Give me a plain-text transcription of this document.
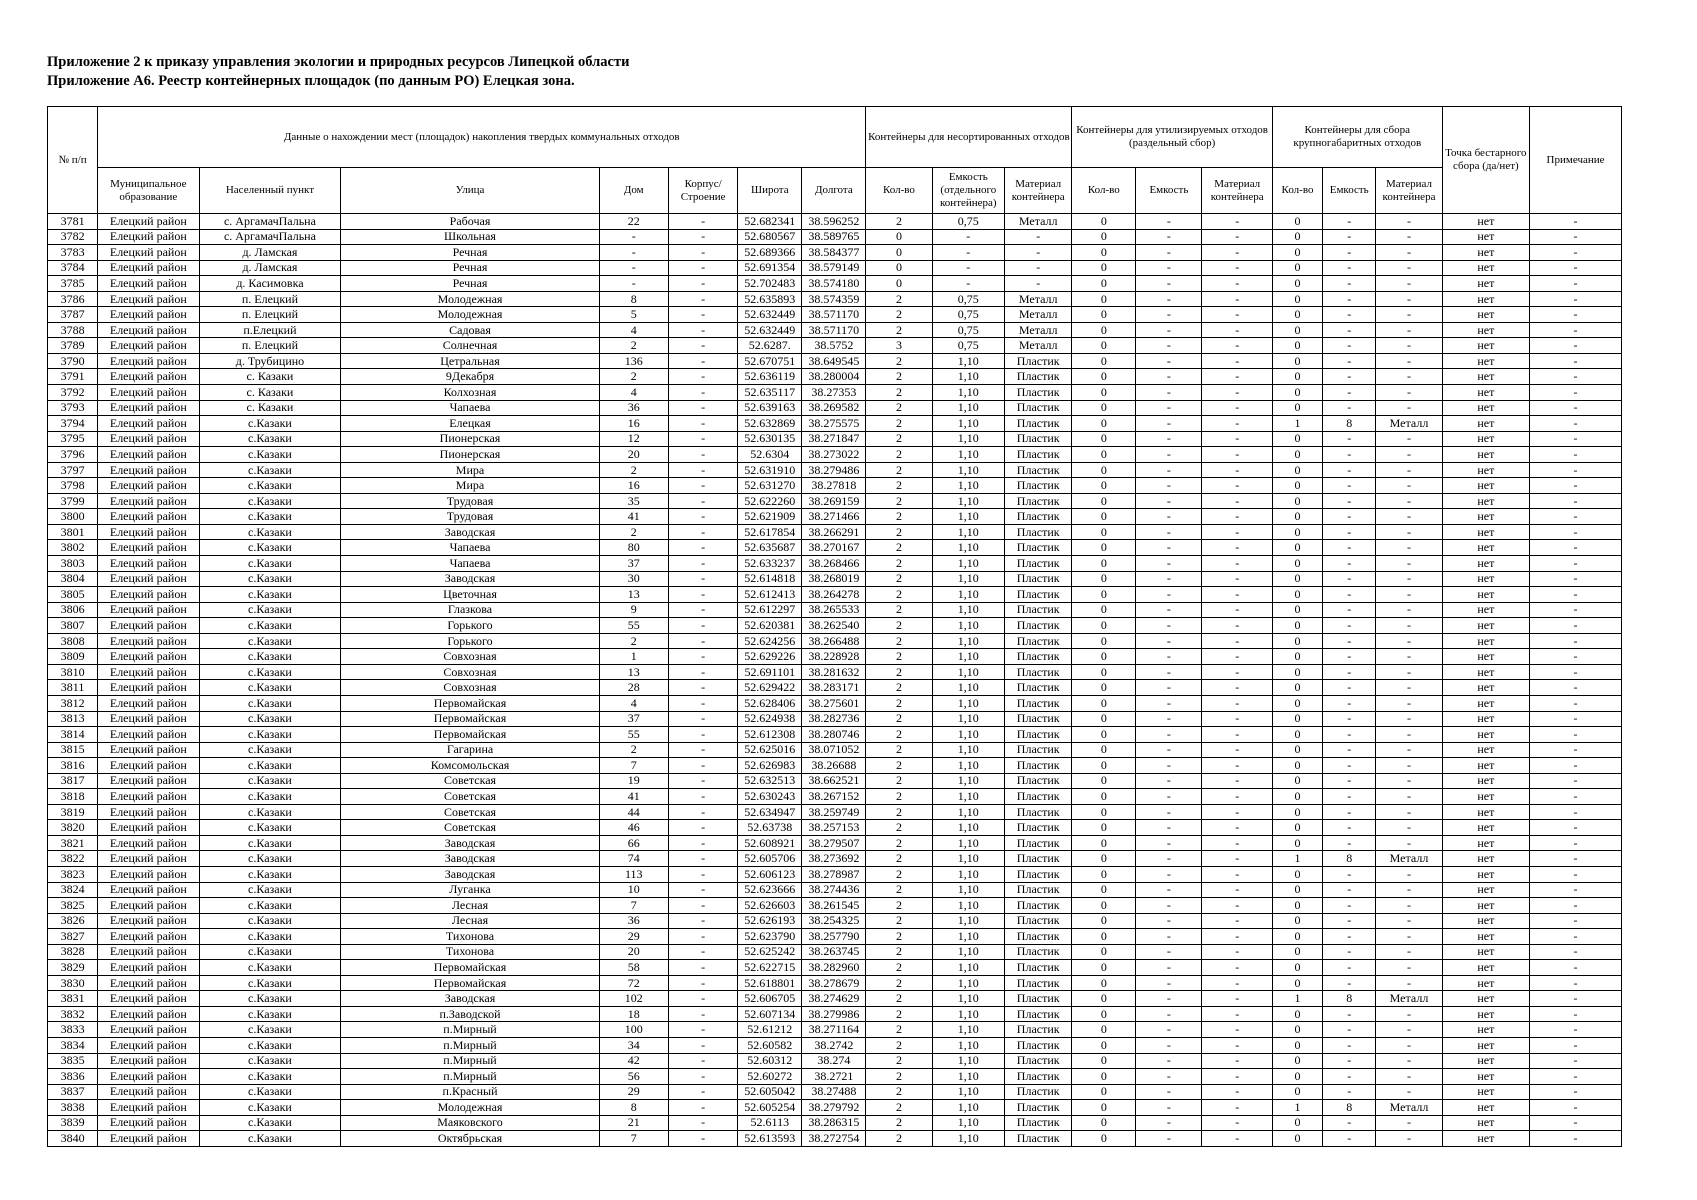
Приложение 2 к приказу управления экологии и природных ресурсов Липецкой области
Приложение А6. Реестр контейнерных площадок (по данным РО) Елецкая зона.
№ п/п	Данные о нахождении мест (площадок) накопления твердых коммунальных отходов							Контейнеры для несортированных отходов			Контейнеры для утилизируемых отходов (раздельный сбор)			Контейнеры для сбора крупногабаритных отходов			Точка бестарного сбора (да/нет)	Примечание
	Муниципальное образование	Населенный пункт	Улица	Дом	Корпус/ Строение	Широта	Долгота	Кол-во	Емкость (отдельного контейнера)	Материал контейнера	Кол-во	Емкость	Материал контейнера	Кол-во	Емкость	Материал контейнера		
3781	Елецкий район	с. АргамачПальна	Рабочая	22	-	52.682341	38.596252	2	0,75	Металл	0	-	-	0	-	-	нет	-
3782	Елецкий район	с. АргамачПальна	Школьная	-	-	52.680567	38.589765	0	-	-	0	-	-	0	-	-	нет	-
3783	Елецкий район	д. Ламская	Речная	-	-	52.689366	38.584377	0	-	-	0	-	-	0	-	-	нет	-
3784	Елецкий район	д. Ламская	Речная	-	-	52.691354	38.579149	0	-	-	0	-	-	0	-	-	нет	-
3785	Елецкий район	д. Касимовка	Речная	-	-	52.702483	38.574180	0	-	-	0	-	-	0	-	-	нет	-
3786	Елецкий район	п. Елецкий	Молодежная	8	-	52.635893	38.574359	2	0,75	Металл	0	-	-	0	-	-	нет	-
3787	Елецкий район	п. Елецкий	Молодежная	5	-	52.632449	38.571170	2	0,75	Металл	0	-	-	0	-	-	нет	-
3788	Елецкий район	п.Елецкий	Садовая	4	-	52.632449	38.571170	2	0,75	Металл	0	-	-	0	-	-	нет	-
3789	Елецкий район	п. Елецкий	Солнечная	2	-	52.6287.	38.5752	3	0,75	Металл	0	-	-	0	-	-	нет	-
3790	Елецкий район	д. Трубицино	Цетральная	136	-	52.670751	38.649545	2	1,10	Пластик	0	-	-	0	-	-	нет	-
3791	Елецкий район	с. Казаки	9Декабря	2	-	52.636119	38.280004	2	1,10	Пластик	0	-	-	0	-	-	нет	-
3792	Елецкий район	с. Казаки	Колхозная	4	-	52.635117	38.27353	2	1,10	Пластик	0	-	-	0	-	-	нет	-
3793	Елецкий район	с. Казаки	Чапаева	36	-	52.639163	38.269582	2	1,10	Пластик	0	-	-	0	-	-	нет	-
3794	Елецкий район	с.Казаки	Елецкая	16	-	52.632869	38.275575	2	1,10	Пластик	0	-	-	1	8	Металл	нет	-
3795	Елецкий район	с.Казаки	Пионерская	12	-	52.630135	38.271847	2	1,10	Пластик	0	-	-	0	-	-	нет	-
3796	Елецкий район	с.Казаки	Пионерская	20	-	52.6304	38.273022	2	1,10	Пластик	0	-	-	0	-	-	нет	-
3797	Елецкий район	с.Казаки	Мира	2	-	52.631910	38.279486	2	1,10	Пластик	0	-	-	0	-	-	нет	-
3798	Елецкий район	с.Казаки	Мира	16	-	52.631270	38.27818	2	1,10	Пластик	0	-	-	0	-	-	нет	-
3799	Елецкий район	с.Казаки	Трудовая	35	-	52.622260	38.269159	2	1,10	Пластик	0	-	-	0	-	-	нет	-
3800	Елецкий район	с.Казаки	Трудовая	41	-	52.621909	38.271466	2	1,10	Пластик	0	-	-	0	-	-	нет	-
3801	Елецкий район	с.Казаки	Заводская	2	-	52.617854	38.266291	2	1,10	Пластик	0	-	-	0	-	-	нет	-
3802	Елецкий район	с.Казаки	Чапаева	80	-	52.635687	38.270167	2	1,10	Пластик	0	-	-	0	-	-	нет	-
3803	Елецкий район	с.Казаки	Чапаева	37	-	52.633237	38.268466	2	1,10	Пластик	0	-	-	0	-	-	нет	-
3804	Елецкий район	с.Казаки	Заводская	30	-	52.614818	38.268019	2	1,10	Пластик	0	-	-	0	-	-	нет	-
3805	Елецкий район	с.Казаки	Цветочная	13	-	52.612413	38.264278	2	1,10	Пластик	0	-	-	0	-	-	нет	-
3806	Елецкий район	с.Казаки	Глазкова	9	-	52.612297	38.265533	2	1,10	Пластик	0	-	-	0	-	-	нет	-
3807	Елецкий район	с.Казаки	Горького	55	-	52.620381	38.262540	2	1,10	Пластик	0	-	-	0	-	-	нет	-
3808	Елецкий район	с.Казаки	Горького	2	-	52.624256	38.266488	2	1,10	Пластик	0	-	-	0	-	-	нет	-
3809	Елецкий район	с.Казаки	Совхозная	1	-	52.629226	38.228928	2	1,10	Пластик	0	-	-	0	-	-	нет	-
3810	Елецкий район	с.Казаки	Совхозная	13	-	52.691101	38.281632	2	1,10	Пластик	0	-	-	0	-	-	нет	-
3811	Елецкий район	с.Казаки	Совхозная	28	-	52.629422	38.283171	2	1,10	Пластик	0	-	-	0	-	-	нет	-
3812	Елецкий район	с.Казаки	Первомайская	4	-	52.628406	38.275601	2	1,10	Пластик	0	-	-	0	-	-	нет	-
3813	Елецкий район	с.Казаки	Первомайская	37	-	52.624938	38.282736	2	1,10	Пластик	0	-	-	0	-	-	нет	-
3814	Елецкий район	с.Казаки	Первомайская	55	-	52.612308	38.280746	2	1,10	Пластик	0	-	-	0	-	-	нет	-
3815	Елецкий район	с.Казаки	Гагарина	2	-	52.625016	38.071052	2	1,10	Пластик	0	-	-	0	-	-	нет	-
3816	Елецкий район	с.Казаки	Комсомольская	7	-	52.626983	38.26688	2	1,10	Пластик	0	-	-	0	-	-	нет	-
3817	Елецкий район	с.Казаки	Советская	19	-	52.632513	38.662521	2	1,10	Пластик	0	-	-	0	-	-	нет	-
3818	Елецкий район	с.Казаки	Советская	41	-	52.630243	38.267152	2	1,10	Пластик	0	-	-	0	-	-	нет	-
3819	Елецкий район	с.Казаки	Советская	44	-	52.634947	38.259749	2	1,10	Пластик	0	-	-	0	-	-	нет	-
3820	Елецкий район	с.Казаки	Советская	46	-	52.63738	38.257153	2	1,10	Пластик	0	-	-	0	-	-	нет	-
3821	Елецкий район	с.Казаки	Заводская	66	-	52.608921	38.279507	2	1,10	Пластик	0	-	-	0	-	-	нет	-
3822	Елецкий район	с.Казаки	Заводская	74	-	52.605706	38.273692	2	1,10	Пластик	0	-	-	1	8	Металл	нет	-
3823	Елецкий район	с.Казаки	Заводская	113	-	52.606123	38.278987	2	1,10	Пластик	0	-	-	0	-	-	нет	-
3824	Елецкий район	с.Казаки	Луганка	10	-	52.623666	38.274436	2	1,10	Пластик	0	-	-	0	-	-	нет	-
3825	Елецкий район	с.Казаки	Лесная	7	-	52.626603	38.261545	2	1,10	Пластик	0	-	-	0	-	-	нет	-
3826	Елецкий район	с.Казаки	Лесная	36	-	52.626193	38.254325	2	1,10	Пластик	0	-	-	0	-	-	нет	-
3827	Елецкий район	с.Казаки	Тихонова	29	-	52.623790	38.257790	2	1,10	Пластик	0	-	-	0	-	-	нет	-
3828	Елецкий район	с.Казаки	Тихонова	20	-	52.625242	38.263745	2	1,10	Пластик	0	-	-	0	-	-	нет	-
3829	Елецкий район	с.Казаки	Первомайская	58	-	52.622715	38.282960	2	1,10	Пластик	0	-	-	0	-	-	нет	-
3830	Елецкий район	с.Казаки	Первомайская	72	-	52.618801	38.278679	2	1,10	Пластик	0	-	-	0	-	-	нет	-
3831	Елецкий район	с.Казаки	Заводская	102	-	52.606705	38.274629	2	1,10	Пластик	0	-	-	1	8	Металл	нет	-
3832	Елецкий район	с.Казаки	п.Заводской	18	-	52.607134	38.279986	2	1,10	Пластик	0	-	-	0	-	-	нет	-
3833	Елецкий район	с.Казаки	п.Мирный	100	-	52.61212	38.271164	2	1,10	Пластик	0	-	-	0	-	-	нет	-
3834	Елецкий район	с.Казаки	п.Мирный	34	-	52.60582	38.2742	2	1,10	Пластик	0	-	-	0	-	-	нет	-
3835	Елецкий район	с.Казаки	п.Мирный	42	-	52.60312	38.274	2	1,10	Пластик	0	-	-	0	-	-	нет	-
3836	Елецкий район	с.Казаки	п.Мирный	56	-	52.60272	38.2721	2	1,10	Пластик	0	-	-	0	-	-	нет	-
3837	Елецкий район	с.Казаки	п.Красный	29	-	52.605042	38.27488	2	1,10	Пластик	0	-	-	0	-	-	нет	-
3838	Елецкий район	с.Казаки	Молодежная	8	-	52.605254	38.279792	2	1,10	Пластик	0	-	-	1	8	Металл	нет	-
3839	Елецкий район	с.Казаки	Маяковского	21	-	52.6113	38.286315	2	1,10	Пластик	0	-	-	0	-	-	нет	-
3840	Елецкий район	с.Казаки	Октябрьская	7	-	52.613593	38.272754	2	1,10	Пластик	0	-	-	0	-	-	нет	-
